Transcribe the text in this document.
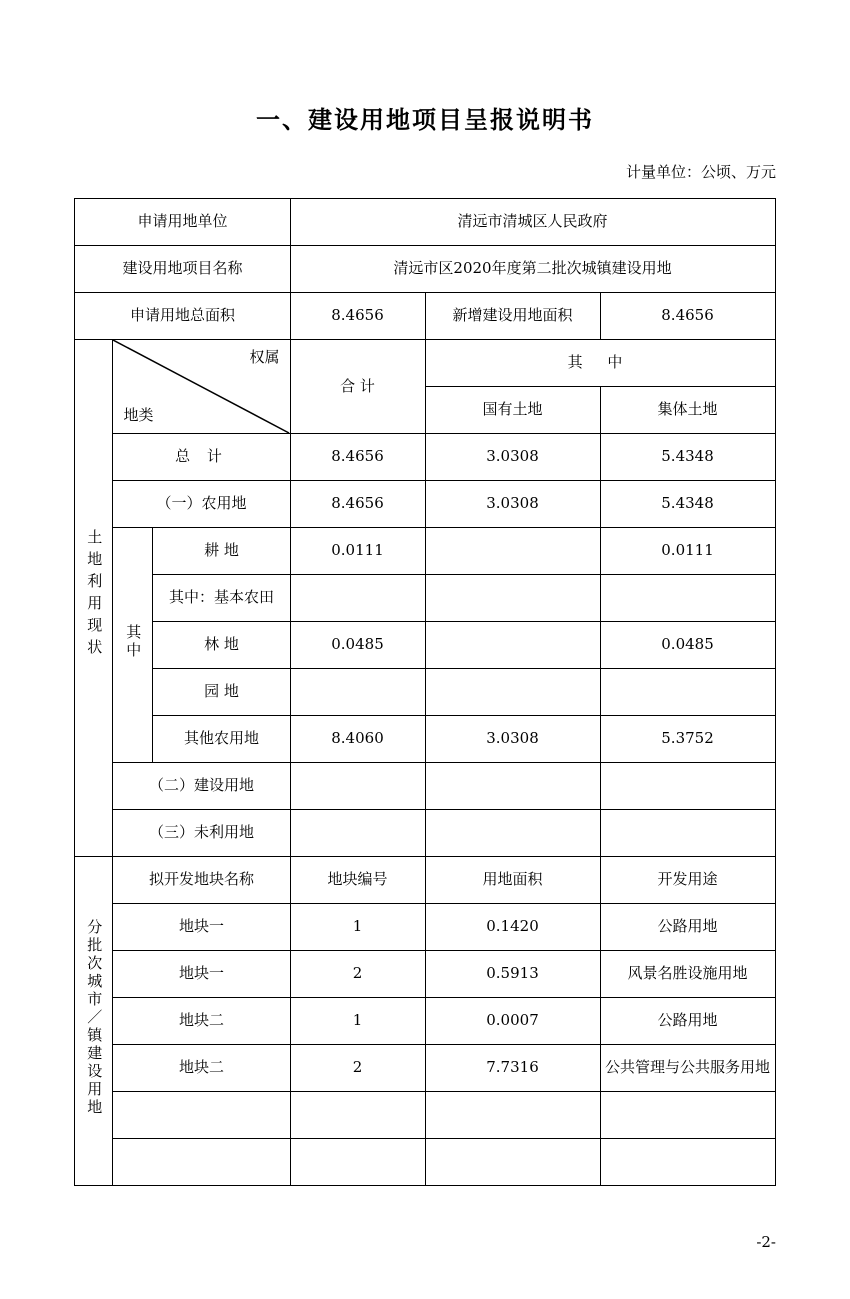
一、建设用地项目呈报说明书
计量单位：公顷、万元
申请用地单位			清远市清城区人民政府		
建设用地项目名称			清远市区2020年度第二批次城镇建设用地		
申请用地总面积			8.4656	新增建设用地面积	8.4656
土地利用现状	权属
地类		合 计	其 中	
				国有土地	集体土地
	总 计		8.4656	3.0308	5.4348
	（一）农用地		8.4656	3.0308	5.4348
	其中	耕 地	0.0111		0.0111
		其中：基本农田			
		林 地	0.0485		0.0485
		园 地			
		其他农用地	8.4060	3.0308	5.3752
	（二）建设用地				
	（三）未利用地				
分批次城市／镇建设用地	拟开发地块名称		地块编号	用地面积	开发用途
	地块一		1	0.1420	公路用地
	地块一		2	0.5913	风景名胜设施用地
	地块二		1	0.0007	公路用地
	地块二		2	7.7316	公共管理与公共服务用地

-2-
